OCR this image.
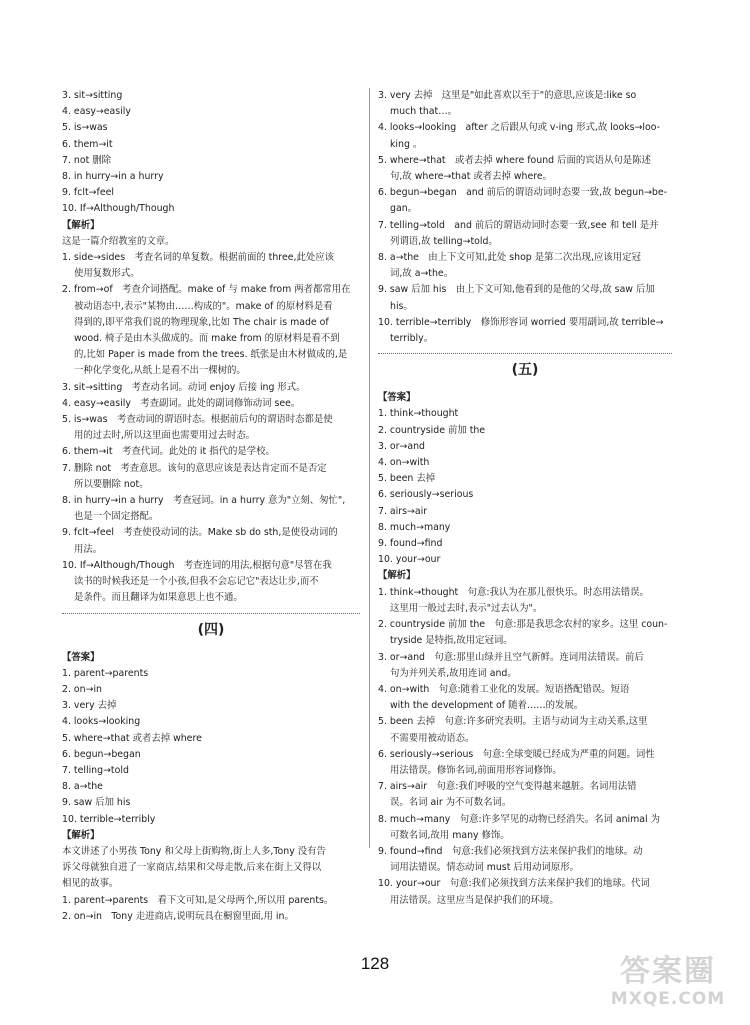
3. sit→sitting
4. easy→easily
5. is→was
6. them→it
7. not 删除
8. in hurry→in a hurry
9. fclt→feel
10. If→Although/Though
【解析】
这是一篇介绍教室的文章。
1. side→sides　考查名词的单复数。根据前面的 three,此处应该
使用复数形式。
2. from→of　考查介词搭配。make of 与 make from 两者都常用在
被动语态中,表示"某物由……构成的"。make of 的原材料是看
得到的,即平常我们说的物理现象,比如 The chair is made of
wood. 椅子是由木头做成的。而 make from 的原材料是看不到
的,比如 Paper is made from the trees. 纸张是由木材做成的,是
一种化学变化,从纸上是看不出一棵树的。
3. sit→sitting　考查动名词。动词 enjoy 后接 ing 形式。
4. easy→easily　考查副词。此处的副词修饰动词 see。
5. is→was　考查动词的谓语时态。根据前后句的谓语时态都是使
用的过去时,所以这里面也需要用过去时态。
6. them→it　考查代词。此处的 it 指代的是学校。
7. 删除 not　考查意思。该句的意思应该是表达肯定而不是否定
所以要删除 not。
8. in hurry→in a hurry　考查冠词。in a hurry 意为"立刻、匆忙",
也是一个固定搭配。
9. fclt→feel　考查使役动词的法。Make sb do sth,是使役动词的
用法。
10. If→Although/Though　考查连词的用法,根据句意"尽管在我
读书的时候我还是一个小孩,但我不会忘记它"表达让步,而不
是条件。而且翻译为如果意思上也不通。
(四)
【答案】
1. parent→parents
2. on→in
3. very 去掉
4. looks→looking
5. where→that 或者去掉 where
6. begun→began
7. telling→told
8. a→the
9. saw 后加 his
10. terrible→terribly
【解析】
本文讲述了小男孩 Tony 和父母上街购物,街上人多,Tony 没有告
诉父母就独自进了一家商店,结果和父母走散,后来在街上又得以
相见的故事。
1. parent→parents　看下文可知,是父母两个,所以用 parents。
2. on→in　Tony 走进商店,说明玩具在橱窗里面,用 in。
3. very 去掉　这里是"如此喜欢以至于"的意思,应该是:like so
much that…。
4. looks→looking　after 之后跟从句或 v-ing 形式,故 looks→loo-
king 。
5. where→that　或者去掉 where found 后面的宾语从句是陈述
句,故 where→that 或者去掉 where。
6. begun→began　and 前后的谓语动词时态要一致,故 begun→be-
gan。
7. telling→told　and 前后的谓语动词时态要一致,see 和 tell 是并
列谓语,故 telling→told。
8. a→the　由上下文可知,此处 shop 是第二次出现,应该用定冠
词,故 a→the。
9. saw 后加 his　由上下文可知,他看到的是他的父母,故 saw 后加
his。
10. terrible→terribly　修饰形容词 worried 要用副词,故 terrible→
terribly。
(五)
【答案】
1. think→thought
2. countryside 前加 the
3. or→and
4. on→with
5. been 去掉
6. seriously→serious
7. airs→air
8. much→many
9. found→find
10. your→our
【解析】
1. think→thought　句意:我认为在那儿很快乐。时态用法错误。
这里用一般过去时,表示"过去认为"。
2. countryside 前加 the　句意:那是我思念农村的家乡。这里 coun-
tryside 是特指,故用定冠词。
3. or→and　句意:那里山绿并且空气新鲜。连词用法错误。前后
句为并列关系,故用连词 and。
4. on→with　句意:随着工业化的发展。短语搭配错误。短语
with the development of 随着……的发展。
5. been 去掉　句意:许多研究表明。主语与动词为主动关系,这里
不需要用被动语态。
6. seriously→serious　句意:全球变暖已经成为严重的问题。词性
用法错误。修饰名词,前面用形容词修饰。
7. airs→air　句意:我们呼吸的空气变得越来越脏。名词用法错
误。名词 air 为不可数名词。
8. much→many　句意:许多罕见的动物已经消失。名词 animal 为
可数名词,故用 many 修饰。
9. found→find　句意:我们必须找到方法来保护我们的地球。动
词用法错误。情态动词 must 后用动词原形。
10. your→our　句意:我们必须找到方法来保护我们的地球。代词
用法错误。这里应当是保护我们的环境。
128	答案圈
MXQE.COM
